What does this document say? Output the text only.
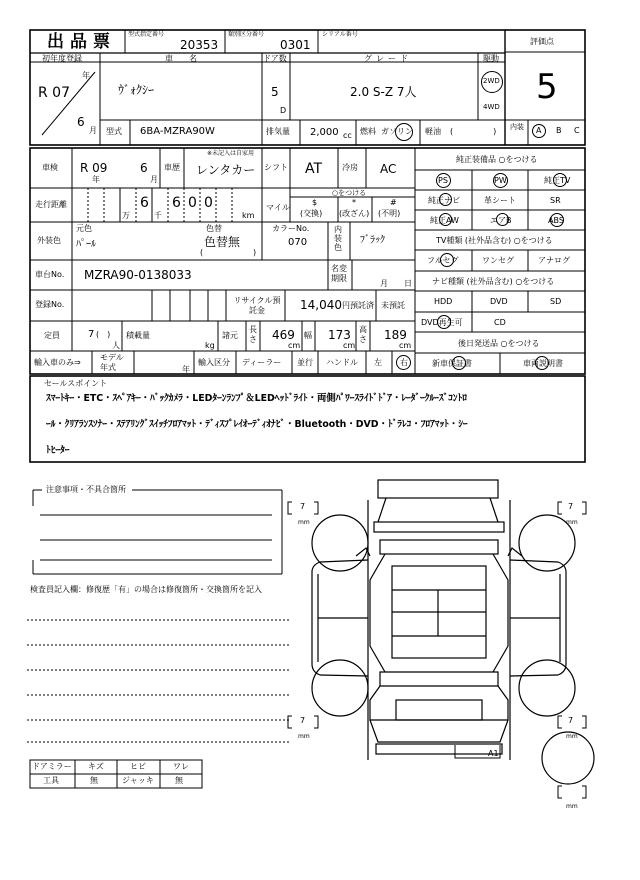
出品票 型式指定番号
20353
類別区分番号
0301
シリアル番号
評価点
5
初年度登録
年
R 07
6
月
車　名
ｳﾞｫｸｼｰ
ドア数
5
D
グレード
2.0 S-Z 7人
駆動
2WD
4WD
型式 6BA-MZRA90W	排気量 2,000 cc 燃料 ガソリン 軽油 (　　　　　) 内装 A B C
車検 R 09
年
6
月
車歴
※未記入は自家用
レンタカー シフト AT 冷房 AC
走行距離
万	千
6 6 0 0
km
マイル
○をつける
$
(交換)
*
(改ざん)
#
(不明)
外装色
元色
ﾊﾟｰﾙ
色替
色替無
(	)
カラーNo.
070
内装色
ﾌﾞﾗｯｸ
車台No. MZRA90-0138033	名変期限
月 日
登録No.	リサイクル預託金	14,040 円 預託済 未預託
定員	7 (　)
人
積載量
kg
諸元
長さ 469
cm
幅 173
cm
高さ 189
cm
輸入車のみ⇒
モデル年式	年
輸入区分 ディーラー 並行 ハンドル 左 右
純正装備品 ○をつける
PS	PW	純正TV
純正ナビ	革シート	SR
純正AW	エアB	ABS
TV種類 (社外品含む) ○をつける
フルセグ	ワンセグ	アナログ
ナビ種類 (社外品含む) ○をつける
HDD	DVD	SD
DVD再生可	CD
後日発送品 ○をつける
新車保証書	車両説明書
セールスポイント
ｽﾏｰﾄｷｰ・ETC・ｽﾍﾟｱｷｰ・ﾊﾞｯｸｶﾒﾗ・LEDﾀｰﾝﾗﾝﾌﾟ＆LEDﾍｯﾄﾞﾗｲﾄ・両側ﾊﾟﾜｰｽﾗｲﾄﾞﾄﾞｱ・ﾚｰﾀﾞｰｸﾙｰｽﾞｺﾝﾄﾛ
ｰﾙ・ｸﾘｱﾗﾝｽｿﾅｰ・ｽﾃｱﾘﾝｸﾞｽｲｯﾁﾌﾛｱﾏｯﾄ・ﾃﾞｨｽﾌﾟﾚｲｵｰﾃﾞｨｵﾅﾋﾞ・Bluetooth・DVD・ﾄﾞﾗﾚｺ・ﾌﾛｱﾏｯﾄ・ｼｰ
ﾄﾋｰﾀｰ
注意事項・不具合箇所
検査員記入欄：修復歴「有」の場合は修復箇所・交換箇所を記入
ドアミラー キズ	ヒビ	ワレ
工具	無	ジャッキ	無
7
mm
7
mm
7
mm
7
mm
mm
A1
